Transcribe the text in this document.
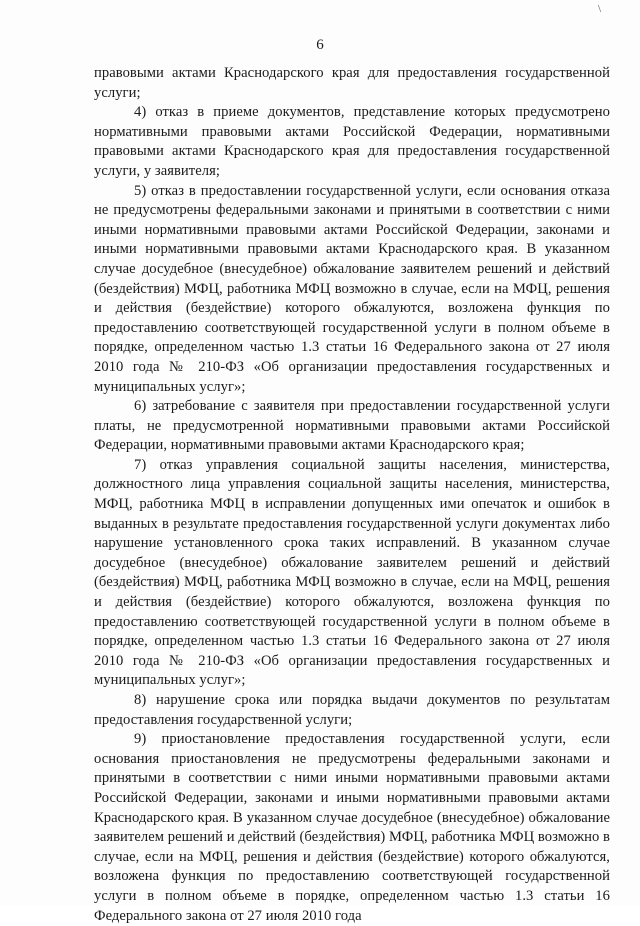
\
6

правовыми актами Краснодарского края для предоставления государственной услуги;

4) отказ в приеме документов, представление которых предусмотрено нормативными правовыми актами Российской Федерации, нормативными правовыми актами Краснодарского края для предоставления государственной услуги, у заявителя;

5) отказ в предоставлении государственной услуги, если основания отказа не предусмотрены федеральными законами и принятыми в соответствии с ними иными нормативными правовыми актами Российской Федерации, законами и иными нормативными правовыми актами Краснодарского края. В указанном случае досудебное (внесудебное) обжалование заявителем решений и действий (бездействия) МФЦ, работника МФЦ возможно в случае, если на МФЦ, решения и действия (бездействие) которого обжалуются, возложена функция по предоставлению соответствующей государственной услуги в полном объеме в порядке, определенном частью 1.3 статьи 16 Федерального закона от 27 июля 2010 года № 210-ФЗ «Об организации предоставления государственных и муниципальных услуг»;

6) затребование с заявителя при предоставлении государственной услуги платы, не предусмотренной нормативными правовыми актами Российской Федерации, нормативными правовыми актами Краснодарского края;

7) отказ управления социальной защиты населения, министерства, должностного лица управления социальной защиты населения, министерства, МФЦ, работника МФЦ в исправлении допущенных ими опечаток и ошибок в выданных в результате предоставления государственной услуги документах либо нарушение установленного срока таких исправлений. В указанном случае досудебное (внесудебное) обжалование заявителем решений и действий (бездействия) МФЦ, работника МФЦ возможно в случае, если на МФЦ, решения и действия (бездействие) которого обжалуются, возложена функция по предоставлению соответствующей государственной услуги в полном объеме в порядке, определенном частью 1.3 статьи 16 Федерального закона от 27 июля 2010 года № 210-ФЗ «Об организации предоставления государственных и муниципальных услуг»;

8) нарушение срока или порядка выдачи документов по результатам предоставления государственной услуги;

9) приостановление предоставления государственной услуги, если основания приостановления не предусмотрены федеральными законами и принятыми в соответствии с ними иными нормативными правовыми актами Российской Федерации, законами и иными нормативными правовыми актами Краснодарского края. В указанном случае досудебное (внесудебное) обжалование заявителем решений и действий (бездействия) МФЦ, работника МФЦ возможно в случае, если на МФЦ, решения и действия (бездействие) которого обжалуются, возложена функция по предоставлению соответствующей государственной услуги в полном объеме в порядке, определенном частью 1.3 статьи 16 Федерального закона от 27 июля 2010 года
